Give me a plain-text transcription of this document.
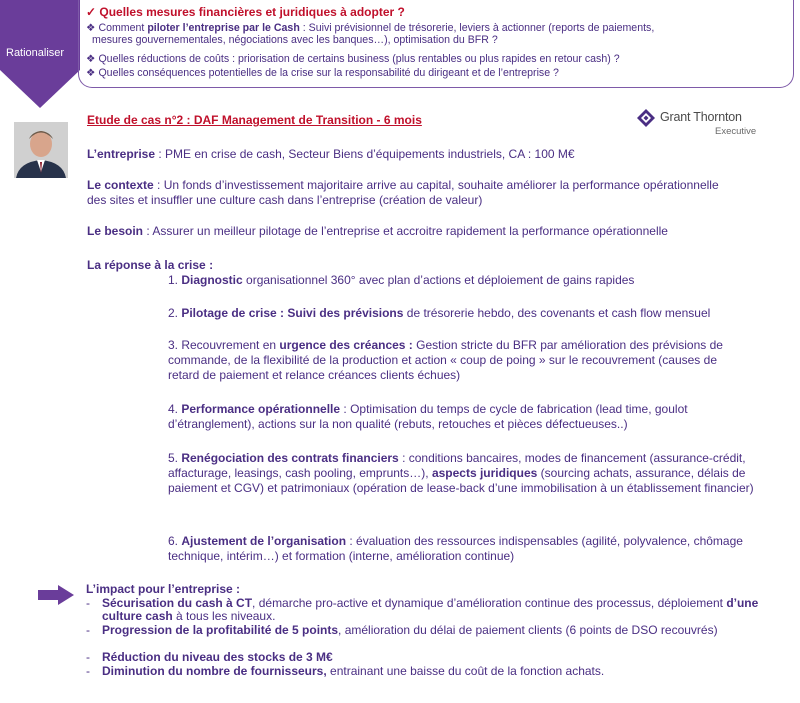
Rationaliser
✓ Quelles mesures financières et juridiques à adopter ?
❖ Comment piloter l’entreprise par le Cash : Suivi prévisionnel de trésorerie, leviers à actionner (reports de paiements,
mesures gouvernementales, négociations avec les banques…), optimisation du BFR ?
❖ Quelles réductions de coûts : priorisation de certains business (plus rentables ou plus rapides en retour cash) ?
❖ Quelles conséquences potentielles de la crise sur la responsabilité du dirigeant et de l’entreprise ?
Etude de cas n°2 : DAF Management de Transition - 6 mois	Grant Thornton
Executive
L’entreprise : PME en crise de cash, Secteur Biens d’équipements industriels, CA : 100 M€
Le contexte : Un fonds d’investissement majoritaire arrive au capital, souhaite améliorer la performance opérationnelle des sites et insuffler une culture cash dans l’entreprise (création de valeur)
Le besoin : Assurer un meilleur pilotage de l’entreprise et accroitre rapidement la performance opérationnelle
La réponse à la crise :
1. Diagnostic organisationnel 360° avec plan d’actions et déploiement de gains rapides
2. Pilotage de crise : Suivi des prévisions de trésorerie hebdo, des covenants et cash flow mensuel
3. Recouvrement en urgence des créances : Gestion stricte du BFR par amélioration des prévisions de commande, de la flexibilité de la production et action « coup de poing » sur le recouvrement (causes de retard de paiement et relance créances clients échues)
4. Performance opérationnelle : Optimisation du temps de cycle de fabrication (lead time, goulot d’étranglement), actions sur la non qualité (rebuts, retouches et pièces défectueuses..)
5. Renégociation des contrats financiers : conditions bancaires, modes de financement (assurance-crédit, affacturage, leasings, cash pooling, emprunts…), aspects juridiques (sourcing achats, assurance, délais de paiement et CGV) et patrimoniaux (opération de lease-back d’une immobilisation à un établissement financier)
6. Ajustement de l’organisation : évaluation des ressources indispensables (agilité, polyvalence, chômage technique, intérim…) et formation (interne, amélioration continue)
L’impact pour l’entreprise :
-	Sécurisation du cash à CT, démarche pro-active et dynamique d’amélioration continue des processus, déploiement d’une culture cash à tous les niveaux.
-	Progression de la profitabilité de 5 points, amélioration du délai de paiement clients (6 points de DSO recouvrés)
-	Réduction du niveau des stocks de 3 M€
-	Diminution du nombre de fournisseurs, entrainant une baisse du coût de la fonction achats.
